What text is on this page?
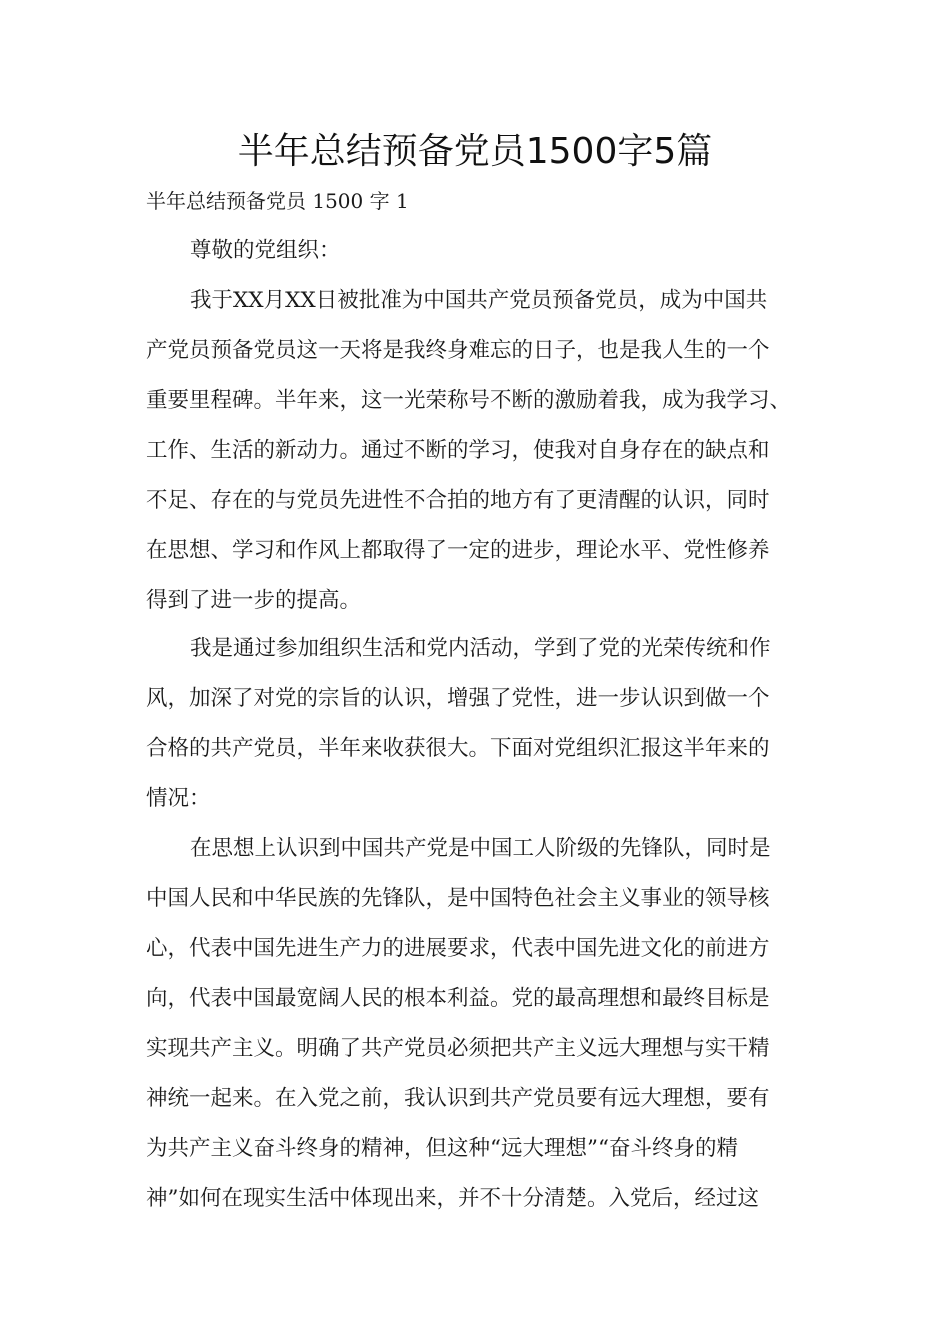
半年总结预备党员1500字5篇
半年总结预备党员 1500 字 1
尊敬的党组织：
我于XX月XX日被批准为中国共产党员预备党员，成为中国共
产党员预备党员这一天将是我终身难忘的日子，也是我人生的一个
重要里程碑。半年来，这一光荣称号不断的激励着我，成为我学习、
工作、生活的新动力。通过不断的学习，使我对自身存在的缺点和
不足、存在的与党员先进性不合拍的地方有了更清醒的认识，同时
在思想、学习和作风上都取得了一定的进步，理论水平、党性修养
得到了进一步的提高。
我是通过参加组织生活和党内活动，学到了党的光荣传统和作
风，加深了对党的宗旨的认识，增强了党性，进一步认识到做一个
合格的共产党员，半年来收获很大。下面对党组织汇报这半年来的
情况：
在思想上认识到中国共产党是中国工人阶级的先锋队，同时是
中国人民和中华民族的先锋队，是中国特色社会主义事业的领导核
心，代表中国先进生产力的进展要求，代表中国先进文化的前进方
向，代表中国最宽阔人民的根本利益。党的最高理想和最终目标是
实现共产主义。明确了共产党员必须把共产主义远大理想与实干精
神统一起来。在入党之前，我认识到共产党员要有远大理想，要有
为共产主义奋斗终身的精神，但这种“远大理想”“奋斗终身的精
神”如何在现实生活中体现出来，并不十分清楚。入党后，经过这
